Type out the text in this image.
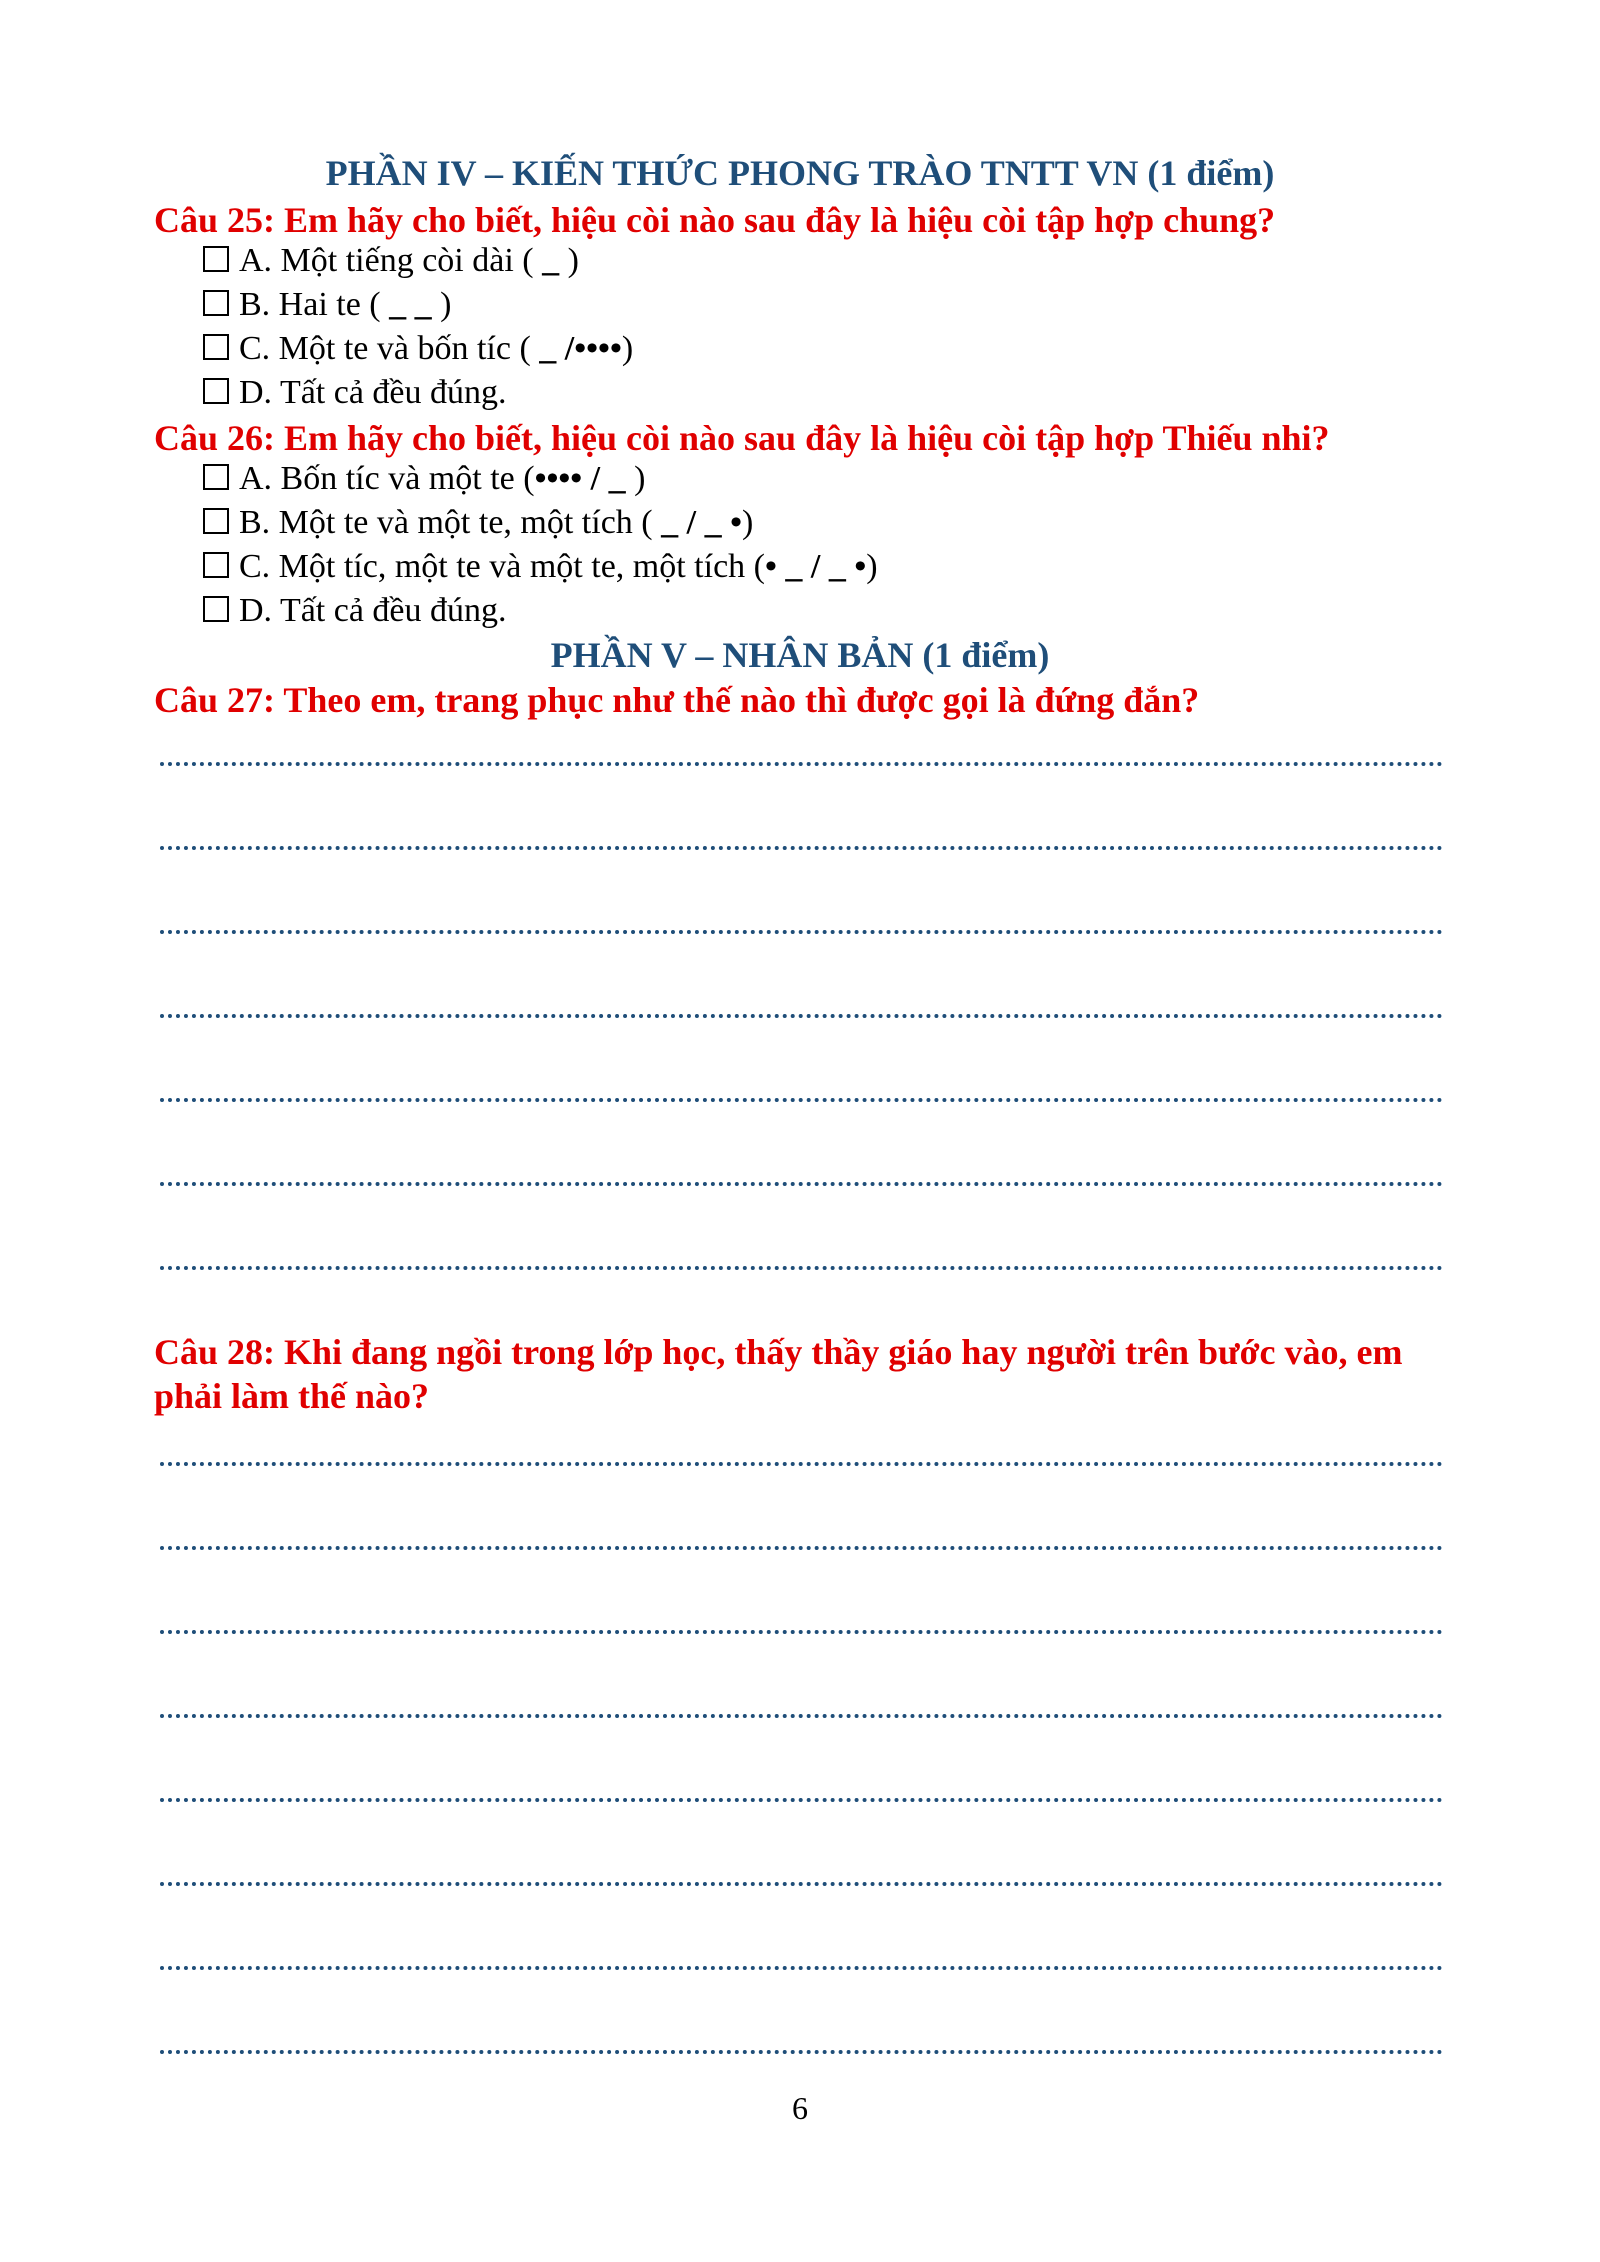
PHẦN IV – KIẾN THỨC PHONG TRÀO TNTT VN (1 điểm)
Câu 25: Em hãy cho biết, hiệu còi nào sau đây là hiệu còi tập hợp chung?
A. Một tiếng còi dài ( _ )
B. Hai te ( _ _ )
C. Một te và bốn tíc ( _ /••••)
D. Tất cả đều đúng.
Câu 26: Em hãy cho biết, hiệu còi nào sau đây là hiệu còi tập hợp Thiếu nhi?
A. Bốn tíc và một te (•••• / _ )
B. Một te và một te, một tích ( _ / _ •)
C. Một tíc, một te và một te, một tích (• _ / _ •)
D. Tất cả đều đúng.
PHẦN V – NHÂN BẢN (1 điểm)
Câu 27: Theo em, trang phục như thế nào thì được gọi là đứng đắn?
Câu 28: Khi đang ngồi trong lớp học, thấy thầy giáo hay người trên bước vào, em phải làm thế nào?
6
